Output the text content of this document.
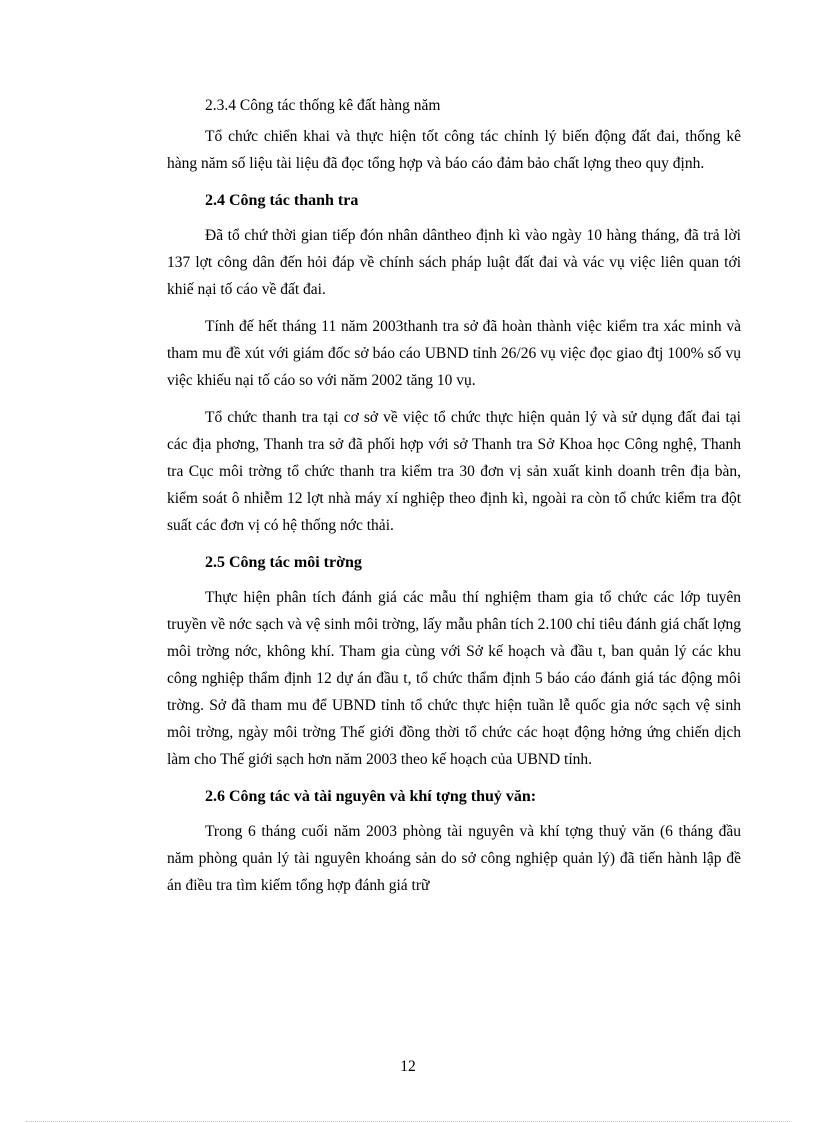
2.3.4 Công tác thống kê đất hàng năm

Tổ chức chiển khai và thực hiện tốt công tác chỉnh lý biến động đất đai, thống kê hàng năm số liệu tài liệu đã đọc tổng hợp và báo cáo đảm bảo chất lợng theo quy định.

2.4 Công tác thanh tra

Đã tổ chứ thời gian tiếp đón nhân dântheo định kì vào ngày 10 hàng tháng, đã trả lời 137 lợt công dân đến hỏi đáp về chính sách pháp luật đất đai và vác vụ việc liên quan tới khiế nại tố cáo về đất đai.

Tính đế hết tháng 11 năm 2003thanh tra sở đã hoàn thành việc kiểm tra xác minh và tham mu đề xút với giám đốc sở báo cáo UBND tỉnh 26/26 vụ việc đọc giao đtj 100% số vụ việc khiếu nại tố cáo so với năm 2002 tăng 10 vụ.

Tổ chức thanh tra tại cơ sở về việc tổ chức thực hiện quản lý và sử dụng đất đai tại các địa phơng, Thanh tra sở đã phối hợp với sở Thanh tra Sở Khoa học Công nghệ, Thanh tra Cục môi trờng tổ chức thanh tra kiểm tra 30 đơn vị sản xuất kinh doanh trên địa bàn, kiểm soát ô nhiễm 12 lợt nhà máy xí nghiệp theo định kì, ngoài ra còn tổ chức kiểm tra đột suất các đơn vị có hệ thống nớc thải.

2.5 Công tác môi trờng

Thực hiện phân tích đánh giá các mẫu thí nghiệm tham gia tổ chức các lớp tuyên truyền về nớc sạch và vệ sinh môi trờng, lấy mẫu phân tích 2.100 chỉ tiêu đánh giá chất lợng môi trờng nớc, không khí. Tham gia cùng với Sở kế hoạch và đầu t, ban quản lý các khu công nghiệp thẩm định 12 dự án đầu t, tổ chức thẩm định 5 báo cáo đánh giá tác động môi trờng. Sở đã tham mu để UBND tỉnh tổ chức thực hiện tuần lễ quốc gia nớc sạch vệ sinh môi trờng, ngày môi trờng Thế giới đồng thời tổ chức các hoạt động hởng ứng chiến dịch làm cho Thế giới sạch hơn năm 2003 theo kế hoạch của UBND tỉnh.

2.6 Công tác và tài nguyên và khí tợng thuỷ văn:

Trong 6 tháng cuối năm 2003 phòng tài nguyên và khí tợng thuỷ văn (6 tháng đầu năm phòng quản lý tài nguyên khoáng sản do sở công nghiệp quản lý) đã tiến hành lập đề án điều tra tìm kiếm tổng hợp đánh giá trữ

12
